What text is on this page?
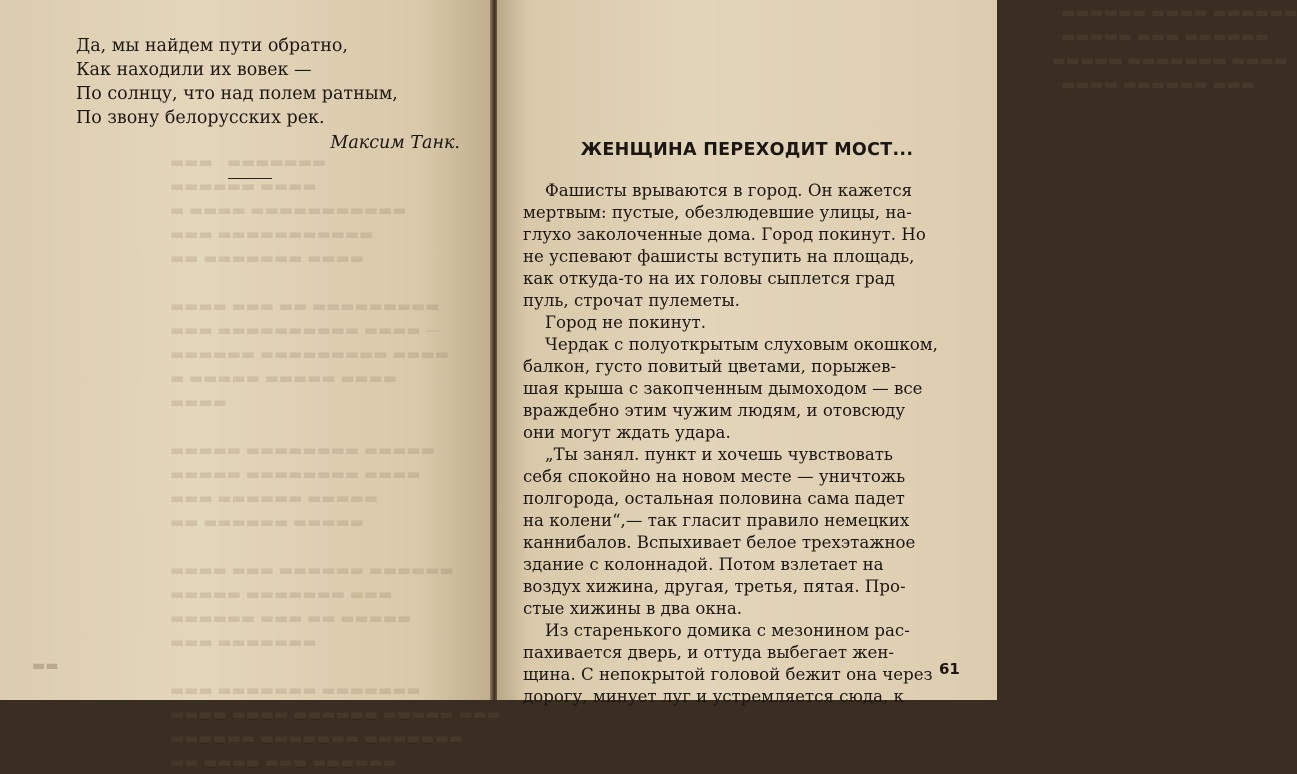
▬▬▬   ▬▬▬▬▬▬▬
▬▬▬▬▬▬ ▬▬▬▬
▬ ▬▬▬▬ ▬▬▬▬▬▬▬▬▬▬▬
▬▬▬ ▬▬▬▬▬▬▬▬▬▬▬
▬▬ ▬▬▬▬▬▬▬ ▬▬▬▬

▬▬▬▬ ▬▬▬ ▬▬ ▬▬▬▬▬▬▬▬▬
▬▬▬ ▬▬▬▬▬▬▬▬▬▬ ▬▬▬▬ —
▬▬▬▬▬▬ ▬▬▬▬▬▬▬▬▬ ▬▬▬▬
▬ ▬▬▬▬▬ ▬▬▬▬▬ ▬▬▬▬
▬▬▬▬

▬▬▬▬▬ ▬▬▬▬▬▬▬▬ ▬▬▬▬▬
▬▬▬▬▬ ▬▬▬▬▬▬▬▬ ▬▬▬▬
▬▬▬ ▬▬▬▬▬▬ ▬▬▬▬▬
▬▬ ▬▬▬▬▬▬ ▬▬▬▬▬

▬▬▬▬ ▬▬▬ ▬▬▬▬▬▬ ▬▬▬▬▬▬
▬▬▬▬▬ ▬▬▬▬▬▬▬ ▬▬▬
▬▬▬▬▬▬ ▬▬▬ ▬▬ ▬▬▬▬▬
▬▬▬ ▬▬▬▬▬▬▬

▬▬▬ ▬▬▬▬▬▬▬ ▬▬▬▬▬▬▬
▬▬▬▬ ▬▬▬▬ ▬▬▬▬▬▬ ▬▬▬▬▬ ▬▬▬
▬▬▬▬▬▬ ▬▬▬▬▬▬▬ ▬▬▬▬▬▬▬
▬▬ ▬▬▬▬ ▬▬▬ ▬▬▬▬▬▬
Да, мы найдем пути обратно,
Как находили их вовек —
По солнцу, что над полем ратным,
По звону белорусских рек.
Максим Танк.
▬▬
▬▬▬▬▬▬ ▬▬▬▬ ▬▬▬▬▬▬
▬▬▬▬▬ ▬▬▬ ▬▬▬▬▬▬
▬▬▬▬▬ ▬▬▬▬▬▬▬ ▬▬▬▬
▬▬▬▬ ▬▬▬▬▬▬ ▬▬▬
ЖЕНЩИНА ПЕРЕХОДИТ МОСТ...
Фашисты врываются в город. Он кажется
мертвым: пустые, обезлюдевшие улицы, на-
глухо заколоченные дома. Город покинут. Но
не успевают фашисты вступить на площадь,
как откуда-то на их головы сыплется град
пуль, строчат пулеметы.
Город не покинут.
Чердак с полуоткрытым слуховым окошком,
балкон, густо повитый цветами, порыжев-
шая крыша с закопченным дымоходом — все
враждебно этим чужим людям, и отовсюду
они могут ждать удара.
„Ты занял. пункт и хочешь чувствовать
себя спокойно на новом месте — уничтожь
полгорода, остальная половина сама падет
на колени“,— так гласит правило немецких
каннибалов. Вспыхивает белое трехэтажное
здание с колоннадой. Потом взлетает на
воздух хижина, другая, третья, пятая. Про-
стые хижины в два окна.
Из старенького домика с мезонином рас-
пахивается дверь, и оттуда выбегает жен-
щина. С непокрытой головой бежит она через
дорогу, минует луг и устремляется сюда, к
61
